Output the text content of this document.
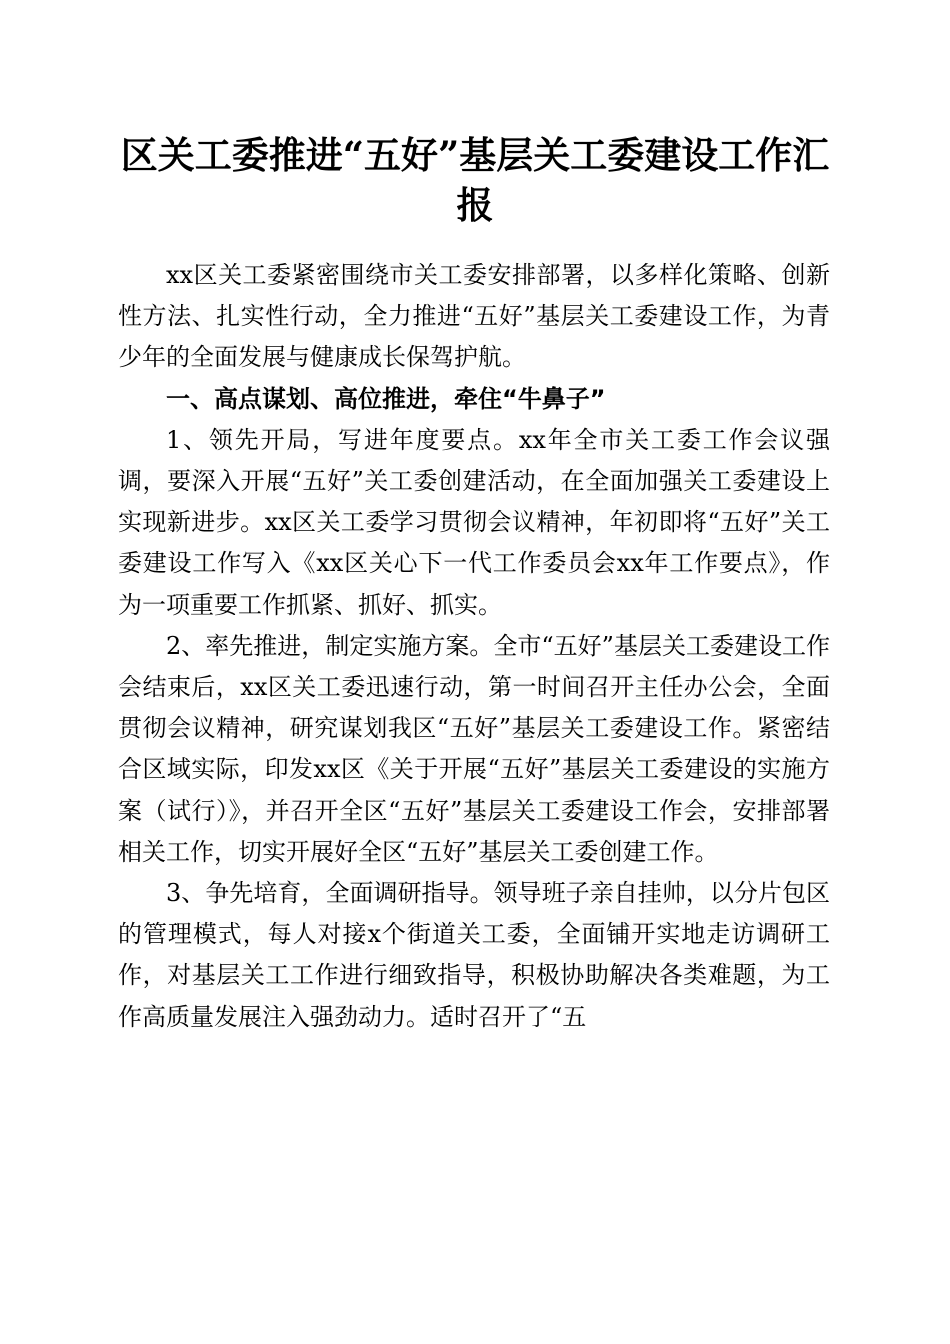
区关工委推进“五好”基层关工委建设工作汇报

xx区关工委紧密围绕市关工委安排部署，以多样化策略、创新性方法、扎实性行动，全力推进“五好”基层关工委建设工作，为青少年的全面发展与健康成长保驾护航。

一、高点谋划、高位推进，牵住“牛鼻子”

1、领先开局，写进年度要点。xx年全市关工委工作会议强调，要深入开展“五好”关工委创建活动，在全面加强关工委建设上实现新进步。xx区关工委学习贯彻会议精神，年初即将“五好”关工委建设工作写入《xx区关心下一代工作委员会xx年工作要点》，作为一项重要工作抓紧、抓好、抓实。

2、率先推进，制定实施方案。全市“五好”基层关工委建设工作会结束后，xx区关工委迅速行动，第一时间召开主任办公会，全面贯彻会议精神，研究谋划我区“五好”基层关工委建设工作。紧密结合区域实际，印发xx区《关于开展“五好”基层关工委建设的实施方案（试行）》，并召开全区“五好”基层关工委建设工作会，安排部署相关工作，切实开展好全区“五好”基层关工委创建工作。

3、争先培育，全面调研指导。领导班子亲自挂帅，以分片包区的管理模式，每人对接x个街道关工委，全面铺开实地走访调研工作，对基层关工工作进行细致指导，积极协助解决各类难题，为工作高质量发展注入强劲动力。适时召开了“五
